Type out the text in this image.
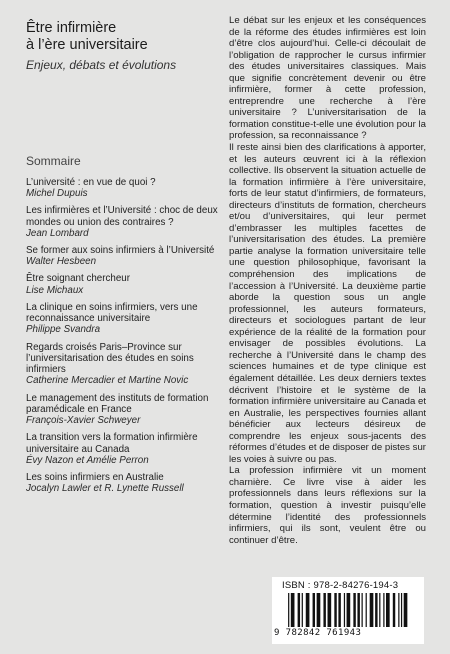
Être infirmière
à l’ère universitaire
Enjeux, débats et évolutions
Sommaire
L’université : en vue de quoi ?
Michel Dupuis
Les infirmières et l’Université : choc de deux mondes ou union des contraires ?
Jean Lombard
Se former aux soins infirmiers à l’Université
Walter Hesbeen
Être soignant chercheur
Lise Michaux
La clinique en soins infirmiers, vers une reconnaissance universitaire
Philippe Svandra
Regards croisés Paris–Province sur l’universitarisation des études en soins infirmiers
Catherine Mercadier et Martine Novic
Le management des instituts de formation paramédicale en France
François-Xavier Schweyer
La transition vers la formation infirmière universitaire au Canada
Évy Nazon et Amélie Perron
Les soins infirmiers en Australie
Jocalyn Lawler et R. Lynette Russell

Le débat sur les enjeux et les conséquences de la réforme des études infirmières est loin d’être clos aujourd’hui. Celle-ci découlait de l’obligation de rapprocher le cursus infirmier des études universitaires classiques. Mais que signifie concrètement devenir ou être infirmière, former à cette profession, entreprendre une recherche à l’ère universitaire ? L’universitarisation de la formation constitue-t-elle une évolution pour la profession, sa reconnaissance ?

Il reste ainsi bien des clarifications à apporter, et les auteurs œuvrent ici à la réflexion collective. Ils observent la situation actuelle de la formation infirmière à l’ère universitaire, forts de leur statut d’infirmiers, de formateurs, directeurs d’instituts de formation, chercheurs et/ou d’universitaires, qui leur permet d’embrasser les multiples facettes de l’universitarisation des études. La première partie analyse la formation universitaire telle une question philosophique, favorisant la compréhension des implications de l’accession à l’Université. La deuxième partie aborde la question sous un angle professionnel, les auteurs formateurs, directeurs et sociologues partant de leur expérience de la réalité de la formation pour envisager de possibles évolutions. La recherche à l’Université dans le champ des sciences humaines et de type clinique est également détaillée. Les deux derniers textes décrivent l’histoire et le système de la formation infirmière universitaire au Canada et en Australie, les perspectives fournies allant bénéficier aux lecteurs désireux de comprendre les enjeux sous-jacents des réformes d’études et de disposer de pistes sur les voies à suivre ou pas.

La profession infirmière vit un moment charnière. Ce livre vise à aider les professionnels dans leurs réflexions sur la formation, question à investir puisqu’elle détermine l’identité des professionnels infirmiers, qui ils sont, veulent être ou continuer d’être.

ISBN : 978-2-84276-194-3
9 782842 761943
